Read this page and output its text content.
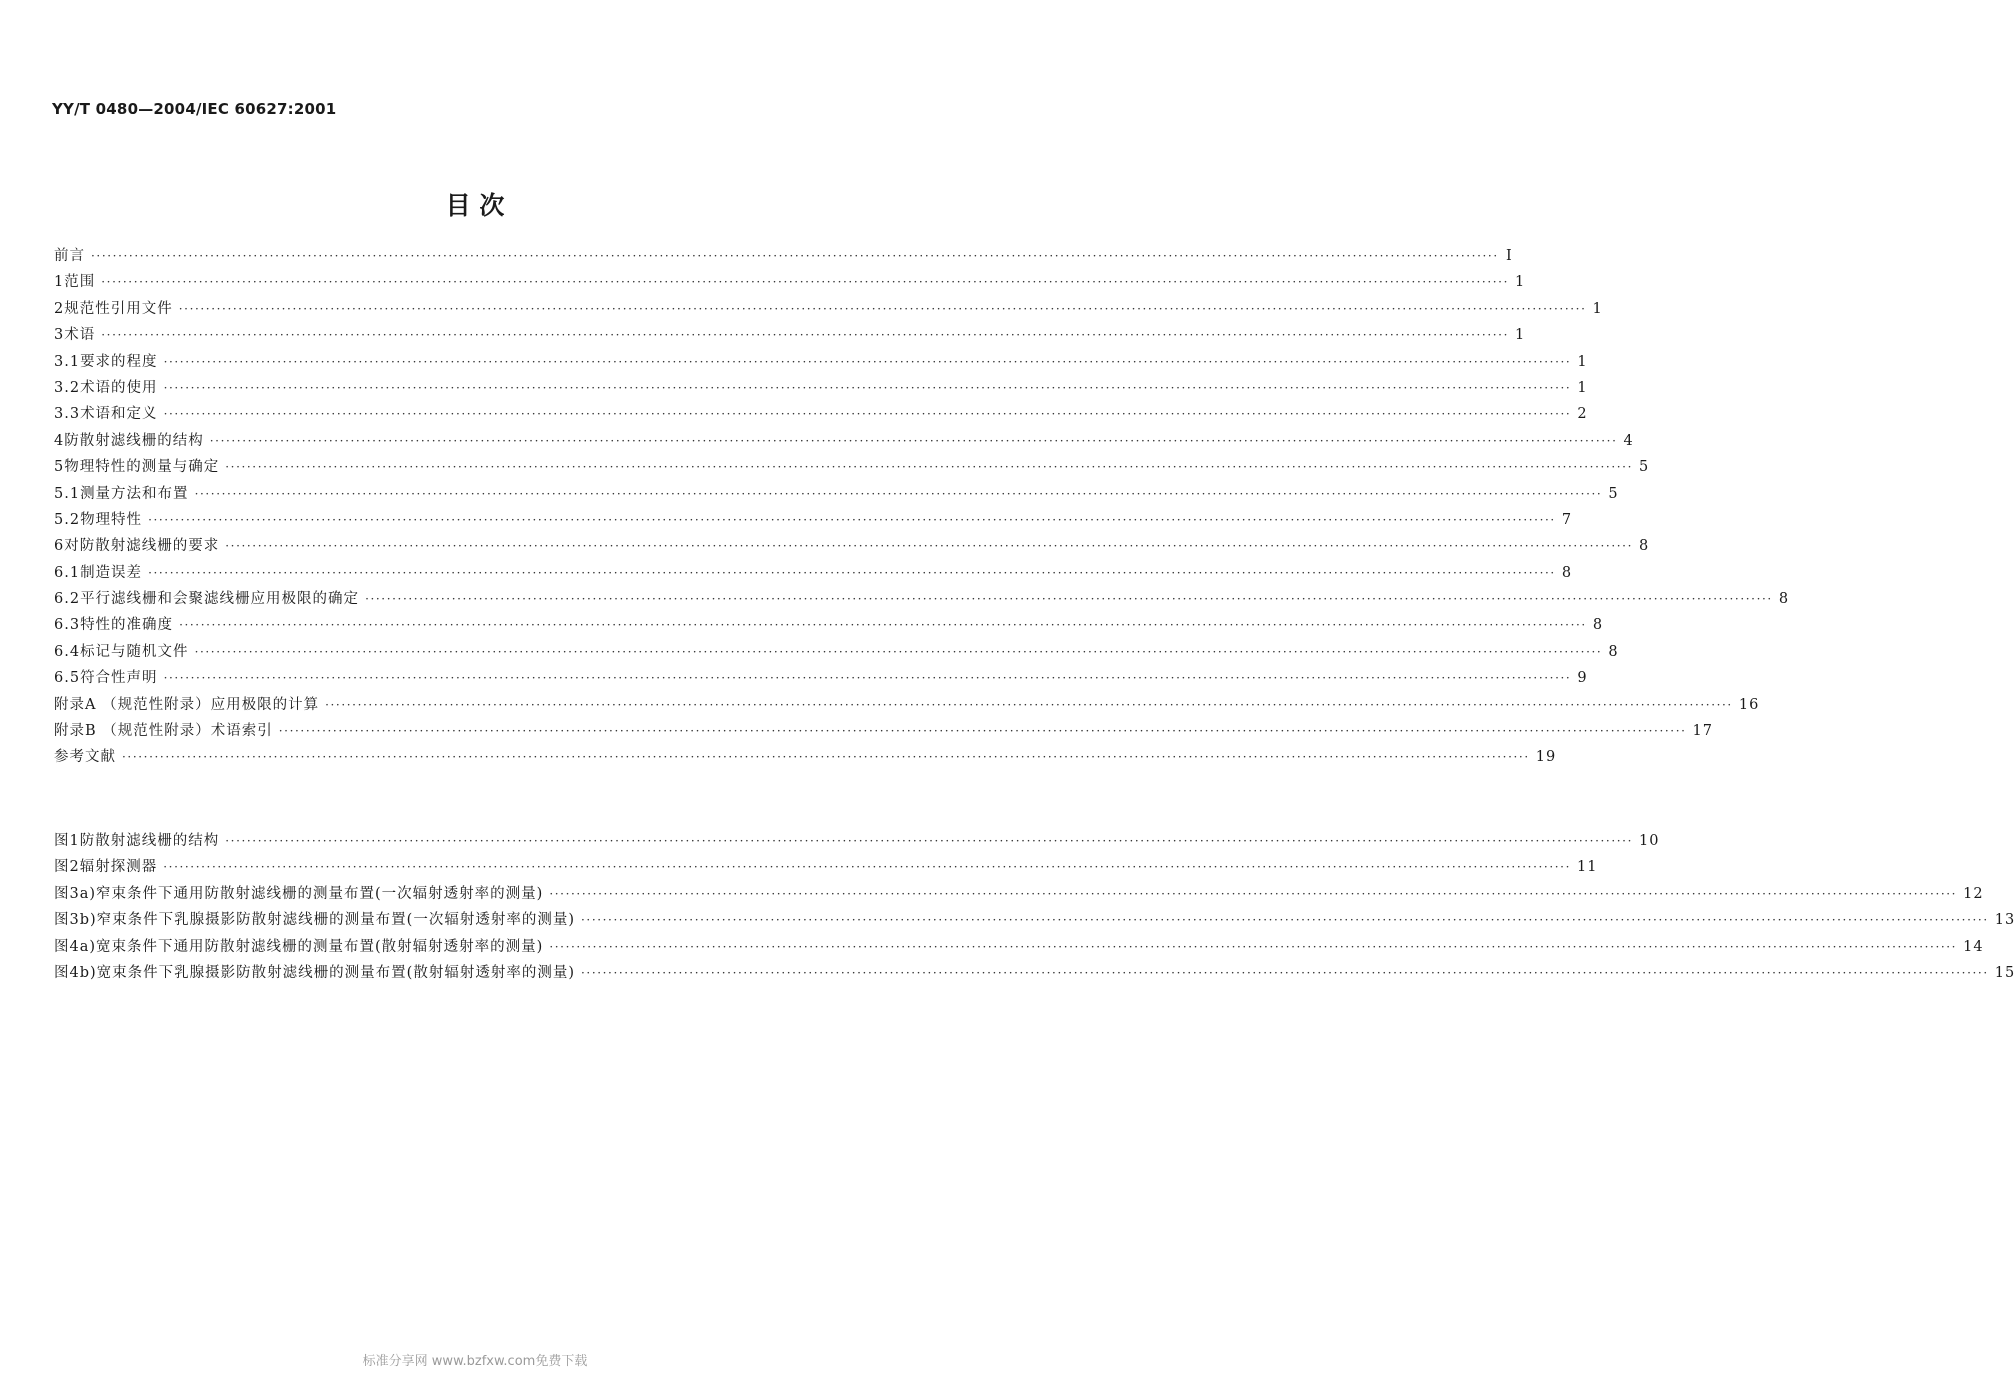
YY/T 0480—2004/IEC 60627:2001
目 次
前言 ···································································································································································································································································· Ⅰ
1 范围 ···································································································································································································································································· 1
2 规范性引用文件 ···································································································································································································································································· 1
3 术语 ···································································································································································································································································· 1
3.1 要求的程度 ···································································································································································································································································· 1
3.2 术语的使用 ···································································································································································································································································· 1
3.3 术语和定义 ···································································································································································································································································· 2
4 防散射滤线栅的结构 ···································································································································································································································································· 4
5 物理特性的测量与确定 ···································································································································································································································································· 5
5.1 测量方法和布置 ···································································································································································································································································· 5
5.2 物理特性 ···································································································································································································································································· 7
6 对防散射滤线栅的要求 ···································································································································································································································································· 8
6.1 制造误差 ···································································································································································································································································· 8
6.2 平行滤线栅和会聚滤线栅应用极限的确定 ···································································································································································································································································· 8
6.3 特性的准确度 ···································································································································································································································································· 8
6.4 标记与随机文件 ···································································································································································································································································· 8
6.5 符合性声明 ···································································································································································································································································· 9
附录A （规范性附录）应用极限的计算 ···································································································································································································································································· 16
附录B （规范性附录）术语索引 ···································································································································································································································································· 17
参考文献 ···································································································································································································································································· 19
图1 防散射滤线栅的结构 ···································································································································································································································································· 10
图2 辐射探测器 ···································································································································································································································································· 11
图3a) 窄束条件下通用防散射滤线栅的测量布置(一次辐射透射率的测量) ···································································································································································································································································· 12
图3b) 窄束条件下乳腺摄影防散射滤线栅的测量布置(一次辐射透射率的测量) ···································································································································································································································································· 13
图4a) 宽束条件下通用防散射滤线栅的测量布置(散射辐射透射率的测量) ···································································································································································································································································· 14
图4b) 宽束条件下乳腺摄影防散射滤线栅的测量布置(散射辐射透射率的测量) ···································································································································································································································································· 15
标准分享网 www.bzfxw.com免费下载
